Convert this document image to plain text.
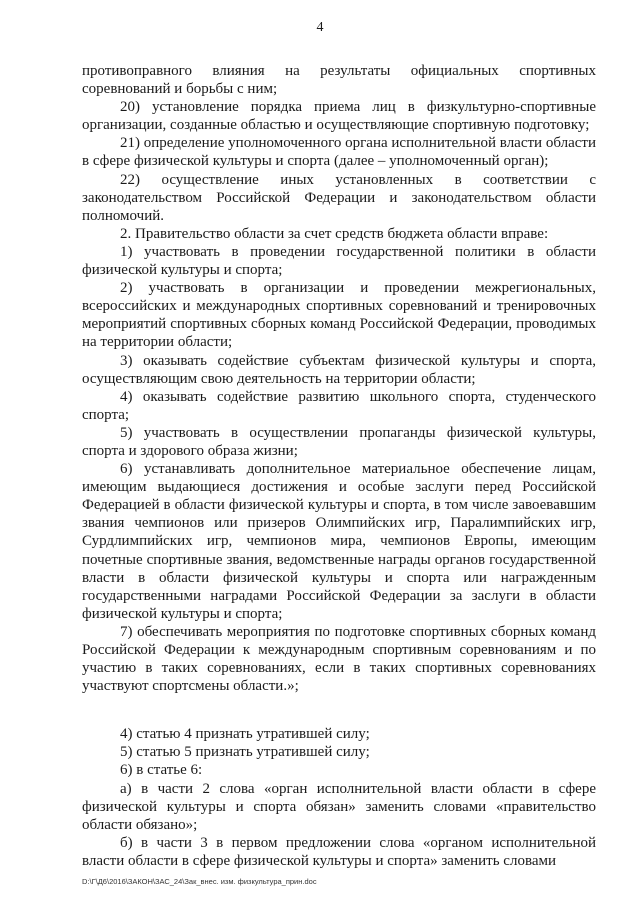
4

противоправного влияния на результаты официальных спортивных соревнований и борьбы с ним;

20) установление порядка приема лиц в физкультурно-спортивные организации, созданные областью и осуществляющие спортивную подготовку;

21) определение уполномоченного органа исполнительной власти области в сфере физической культуры и спорта (далее – уполномоченный орган);

22) осуществление иных установленных в соответствии с законодательством Российской Федерации и законодательством области полномочий.

2. Правительство области за счет средств бюджета области вправе:

1) участвовать в проведении государственной политики в области физической культуры и спорта;

2) участвовать в организации и проведении межрегиональных, всероссийских и международных спортивных соревнований и тренировочных мероприятий спортивных сборных команд Российской Федерации, проводимых на территории области;

3) оказывать содействие субъектам физической культуры и спорта, осуществляющим свою деятельность на территории области;

4) оказывать содействие развитию школьного спорта, студенческого спорта;

5) участвовать в осуществлении пропаганды физической культуры, спорта и здорового образа жизни;

6) устанавливать дополнительное материальное обеспечение лицам, имеющим выдающиеся достижения и особые заслуги перед Российской Федерацией в области физической культуры и спорта, в том числе завоевавшим звания чемпионов или призеров Олимпийских игр, Паралимпийских игр, Сурдлимпийских игр, чемпионов мира, чемпионов Европы, имеющим почетные спортивные звания, ведомственные награды органов государственной власти в области физической культуры и спорта или награжденным государственными наградами Российской Федерации за заслуги в области физической культуры и спорта;

7) обеспечивать мероприятия по подготовке спортивных сборных команд Российской Федерации к международным спортивным соревнованиям и по участию в таких соревнованиях, если в таких спортивных соревнованиях участвуют спортсмены области.»;

4) статью 4 признать утратившей силу;

5) статью 5 признать утратившей силу;

6) в статье 6:

а) в части 2 слова «орган исполнительной власти области в сфере физической культуры и спорта обязан» заменить словами «правительство области обязано»;

б) в части 3 в первом предложении слова «органом исполнительной власти области в сфере физической культуры и спорта» заменить словами

D:\Г\Д6\2016\ЗАКОН\ЗАС_24\Зак_внес. изм. физкультура_прин.doc
